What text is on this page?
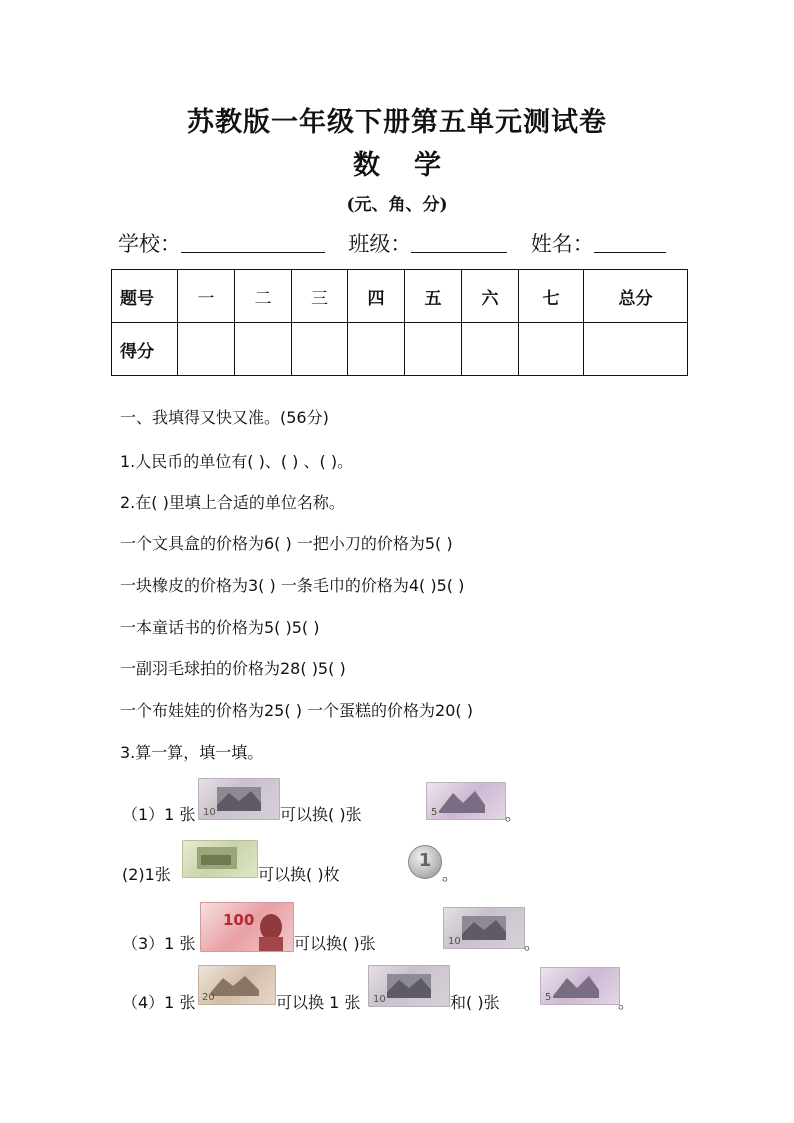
苏教版一年级下册第五单元测试卷
数学
(元、角、分)
学校：	班级：	姓名：
题号	一	二	三	四	五	六	七	总分
得分								
一、我填得又快又准。(56分)
1.人民币的单位有( )、( ) 、( )。
2.在( )里填上合适的单位名称。
一个文具盒的价格为6( ) 一把小刀的价格为5( )
一块橡皮的价格为3( ) 一条毛巾的价格为4( )5( )
一本童话书的价格为5( )5( )
一副羽毛球拍的价格为28( )5( )
一个布娃娃的价格为25( ) 一个蛋糕的价格为20( )
3.算一算，填一填。
（1）1 张 10	可以换( )张	5	。
(2)1张	可以换( )枚
1
。
（3）1 张
100
可以换( )张	10	。
（4）1 张 20	可以换 1 张 10	和( )张	5	。
